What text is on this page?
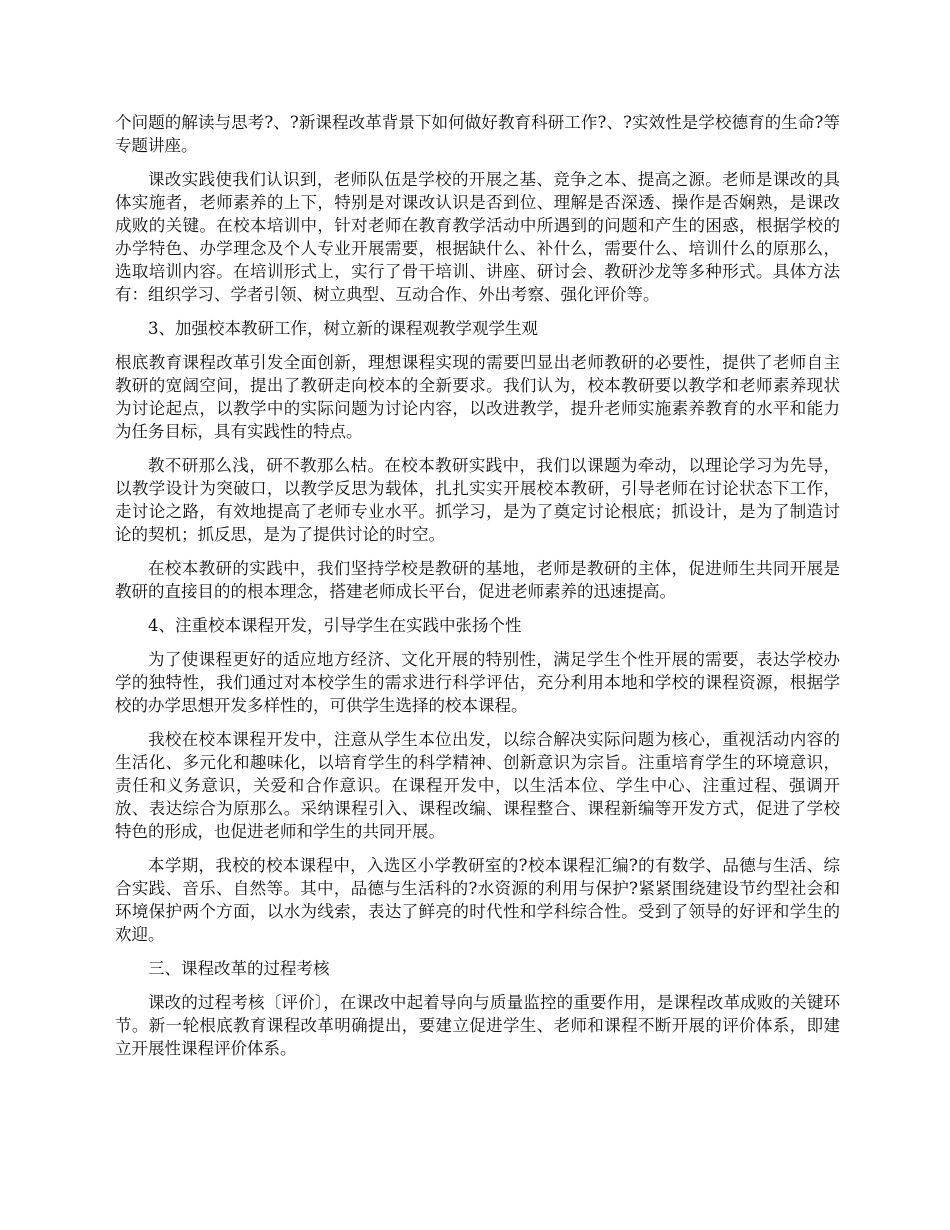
个问题的解读与思考?、?新课程改革背景下如何做好教育科研工作?、?实效性是学校德育的生命?等专题讲座。

课改实践使我们认识到，老师队伍是学校的开展之基、竞争之本、提高之源。老师是课改的具体实施者，老师素养的上下，特别是对课改认识是否到位、理解是否深透、操作是否娴熟，是课改成败的关键。在校本培训中，针对老师在教育教学活动中所遇到的问题和产生的困惑，根据学校的办学特色、办学理念及个人专业开展需要，根据缺什么、补什么，需要什么、培训什么的原那么，选取培训内容。在培训形式上，实行了骨干培训、讲座、研讨会、教研沙龙等多种形式。具体方法有：组织学习、学者引领、树立典型、互动合作、外出考察、强化评价等。

3、加强校本教研工作，树立新的课程观教学观学生观

根底教育课程改革引发全面创新，理想课程实现的需要凹显出老师教研的必要性，提供了老师自主教研的宽阔空间，提出了教研走向校本的全新要求。我们认为，校本教研要以教学和老师素养现状为讨论起点，以教学中的实际问题为讨论内容，以改进教学，提升老师实施素养教育的水平和能力为任务目标，具有实践性的特点。

教不研那么浅，研不教那么枯。在校本教研实践中，我们以课题为牵动，以理论学习为先导，以教学设计为突破口，以教学反思为载体，扎扎实实开展校本教研，引导老师在讨论状态下工作，走讨论之路，有效地提高了老师专业水平。抓学习，是为了奠定讨论根底；抓设计，是为了制造讨论的契机；抓反思，是为了提供讨论的时空。

在校本教研的实践中，我们坚持学校是教研的基地，老师是教研的主体，促进师生共同开展是教研的直接目的的根本理念，搭建老师成长平台，促进老师素养的迅速提高。

4、注重校本课程开发，引导学生在实践中张扬个性

为了使课程更好的适应地方经济、文化开展的特别性，满足学生个性开展的需要，表达学校办学的独特性，我们通过对本校学生的需求进行科学评估，充分利用本地和学校的课程资源，根据学校的办学思想开发多样性的，可供学生选择的校本课程。

我校在校本课程开发中，注意从学生本位出发，以综合解决实际问题为核心，重视活动内容的生活化、多元化和趣味化，以培育学生的科学精神、创新意识为宗旨。注重培育学生的环境意识，责任和义务意识，关爱和合作意识。在课程开发中，以生活本位、学生中心、注重过程、强调开放、表达综合为原那么。采纳课程引入、课程改编、课程整合、课程新编等开发方式，促进了学校特色的形成，也促进老师和学生的共同开展。

本学期，我校的校本课程中，入选区小学教研室的?校本课程汇编?的有数学、品德与生活、综合实践、音乐、自然等。其中，品德与生活科的?水资源的利用与保护?紧紧围绕建设节约型社会和环境保护两个方面，以水为线索，表达了鲜亮的时代性和学科综合性。受到了领导的好评和学生的欢迎。

三、课程改革的过程考核

课改的过程考核〔评价〕，在课改中起着导向与质量监控的重要作用，是课程改革成败的关键环节。新一轮根底教育课程改革明确提出，要建立促进学生、老师和课程不断开展的评价体系，即建立开展性课程评价体系。
